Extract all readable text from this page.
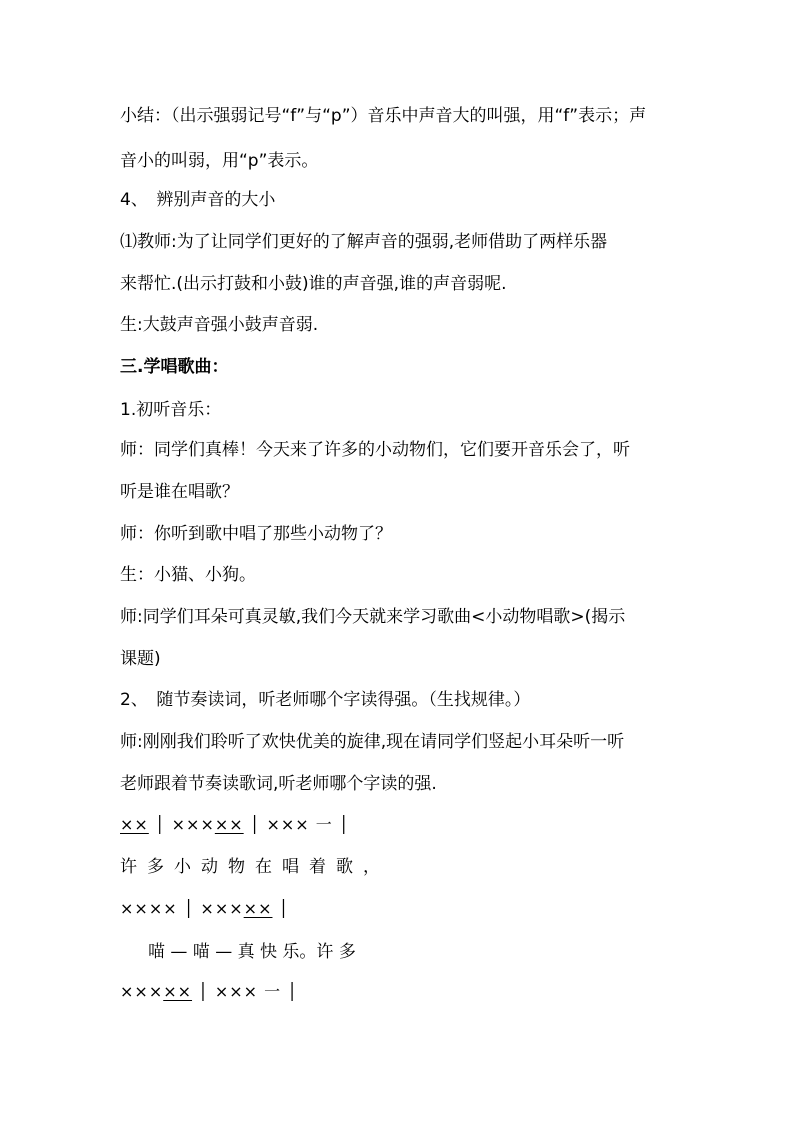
小结：（出示强弱记号“f”与“p”）音乐中声音大的叫强，用“f”表示；声
音小的叫弱，用“p”表示。
4、　辨别声音的大小
⑴教师:为了让同学们更好的了解声音的强弱,老师借助了两样乐器
来帮忙.(出示打鼓和小鼓)谁的声音强,谁的声音弱呢.
生:大鼓声音强小鼓声音弱.
三.学唱歌曲：
1.初听音乐：
师：同学们真棒！今天来了许多的小动物们，它们要开音乐会了，听
听是谁在唱歌？
师：你听到歌中唱了那些小动物了？
生：小猫、小狗。
师:同学们耳朵可真灵敏,我们今天就来学习歌曲<小动物唱歌>(揭示
课题)
2、　随节奏读词，听老师哪个字读得强。（生找规律。）
师:刚刚我们聆听了欢快优美的旋律,现在请同学们竖起小耳朵听一听
老师跟着节奏读歌词,听老师哪个字读的强.
×× │ ××××× │ ××× 一 │
许多小动物在唱着歌，
×××× │ ××××× │
喵 — 喵 — 真 快 乐。许 多
××××× │ ××× 一 │
